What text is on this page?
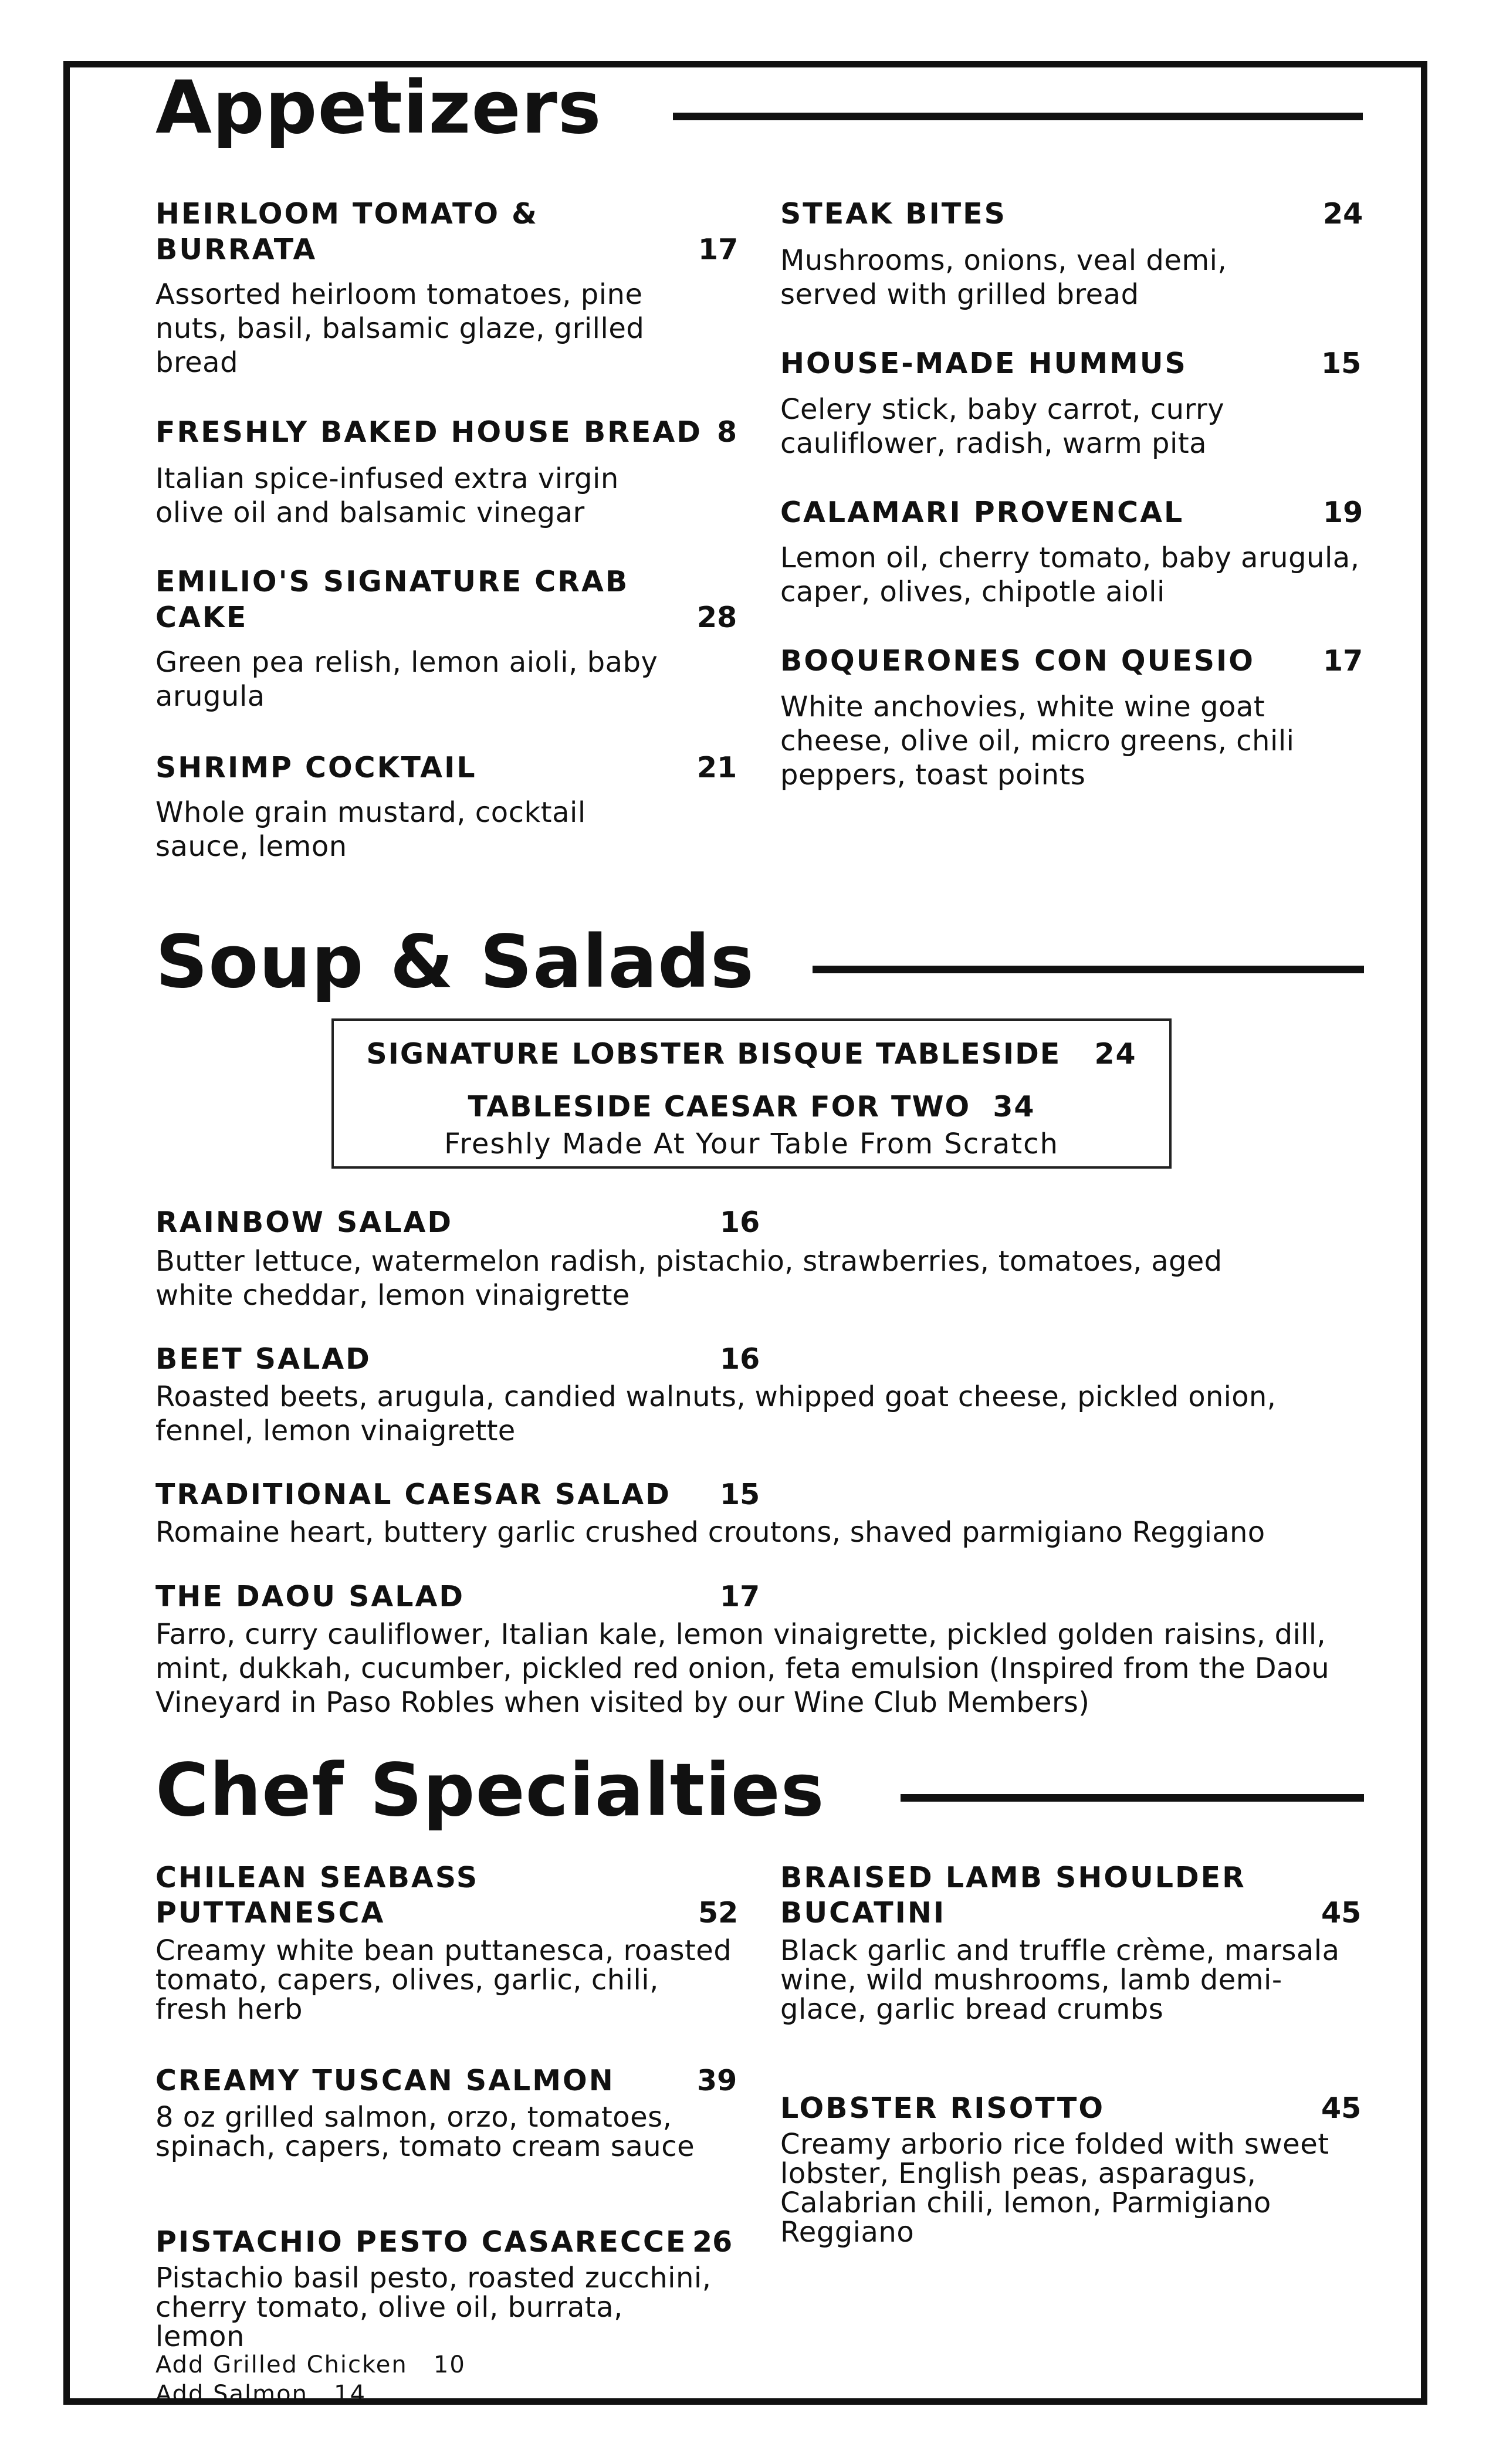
Appetizers
HEIRLOOM TOMATO &
BURRATA	17
Assorted heirloom tomatoes, pine nuts, basil, balsamic glaze, grilled bread
FRESHLY BAKED HOUSE BREAD 8
Italian spice-infused extra virgin olive oil and balsamic vinegar
EMILIO'S SIGNATURE CRAB
CAKE	28
Green pea relish, lemon aioli, baby arugula
SHRIMP COCKTAIL	21
Whole grain mustard, cocktail sauce, lemon
STEAK BITES	24
Mushrooms, onions, veal demi, served with grilled bread
HOUSE-MADE HUMMUS	15
Celery stick, baby carrot, curry cauliflower, radish, warm pita
CALAMARI PROVENCAL	19
Lemon oil, cherry tomato, baby arugula, caper, olives, chipotle aioli
BOQUERONES CON QUESIO 17
White anchovies, white wine goat cheese, olive oil, micro greens, chili peppers, toast points
Soup & Salads
SIGNATURE LOBSTER BISQUE TABLESIDE 24
TABLESIDE CAESAR FOR TWO 34
Freshly Made At Your Table From Scratch
RAINBOW SALAD	16
Butter lettuce, watermelon radish, pistachio, strawberries, tomatoes, aged white cheddar, lemon vinaigrette
BEET SALAD	16
Roasted beets, arugula, candied walnuts, whipped goat cheese, pickled onion, fennel, lemon vinaigrette
TRADITIONAL CAESAR SALAD 15
Romaine heart, buttery garlic crushed croutons, shaved parmigiano Reggiano
THE DAOU SALAD	17
Farro, curry cauliflower, Italian kale, lemon vinaigrette, pickled golden raisins, dill, mint, dukkah, cucumber, pickled red onion, feta emulsion (Inspired from the Daou Vineyard in Paso Robles when visited by our Wine Club Members)
Chef Specialties
CHILEAN SEABASS
PUTTANESCA	52
Creamy white bean puttanesca, roasted tomato, capers, olives, garlic, chili, fresh herb
CREAMY TUSCAN SALMON	39
8 oz grilled salmon, orzo, tomatoes, spinach, capers, tomato cream sauce
PISTACHIO PESTO CASARECCE 26
Pistachio basil pesto, roasted zucchini, cherry tomato, olive oil, burrata, lemon
Add Grilled Chicken 10
Add Salmon 14
BRAISED LAMB SHOULDER
BUCATINI	45
Black garlic and truffle crème, marsala wine, wild mushrooms, lamb demi-glace, garlic bread crumbs
LOBSTER RISOTTO	45
Creamy arborio rice folded with sweet lobster, English peas, asparagus, Calabrian chili, lemon, Parmigiano Reggiano
